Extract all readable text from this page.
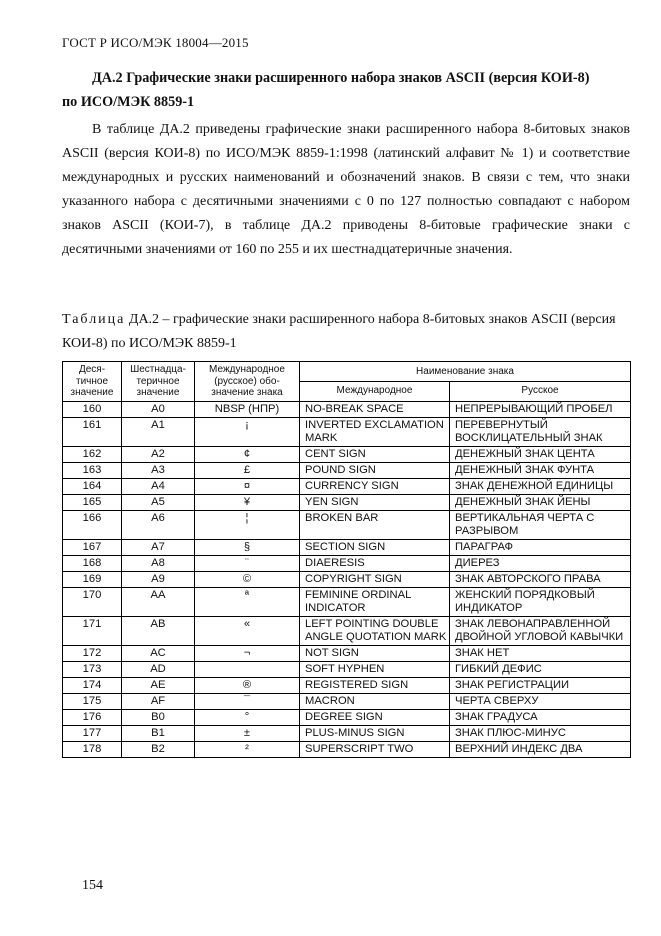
ГОСТ Р ИСО/МЭК 18004—2015
ДА.2 Графические знаки расширенного набора знаков ASCII (версия КОИ-8)
по ИСО/МЭК 8859-1
В таблице ДА.2 приведены графические знаки расширенного набора 8-битовых знаков ASCII (версия КОИ-8) по ИСО/МЭК 8859-1:1998 (латинский алфавит № 1) и соответствие международных и русских наименований и обозначений знаков. В связи с тем, что знаки указанного набора с десятичными значениями с 0 по 127 полностью совпадают с набором знаков ASCII (КОИ-7), в таблице ДА.2 приводены 8-битовые графические знаки с десятичными значениями от 160 по 255 и их шестнадцатеричные значения.
Таблица ДА.2 – графические знаки расширенного набора 8-битовых знаков ASCII (версия КОИ-8) по ИСО/МЭК 8859-1
Деся-тичное значение	Шестнадца-теричное значение	Международное (русское) обо-значение знака	Наименование знака	
			Международное	Русское
160	A0	NBSP (НПР)	NO-BREAK SPACE	НЕПРЕРЫВАЮЩИЙ ПРОБЕЛ
161	A1	¡	INVERTED EXCLAMATION MARK	ПЕРЕВЕРНУТЫЙ ВОСКЛИЦАТЕЛЬНЫЙ ЗНАК
162	A2	¢	CENT SIGN	ДЕНЕЖНЫЙ ЗНАК ЦЕНТА
163	A3	£	POUND SIGN	ДЕНЕЖНЫЙ ЗНАК ФУНТА
164	A4	¤	CURRENCY SIGN	ЗНАК ДЕНЕЖНОЙ ЕДИНИЦЫ
165	A5	¥	YEN SIGN	ДЕНЕЖНЫЙ ЗНАК ЙЕНЫ
166	A6	¦	BROKEN BAR	ВЕРТИКАЛЬНАЯ ЧЕРТА С РАЗРЫВОМ
167	A7	§	SECTION SIGN	ПАРАГРАФ
168	A8	¨	DIAERESIS	ДИЕРЕЗ
169	A9	©	COPYRIGHT SIGN	ЗНАК АВТОРСКОГО ПРАВА
170	AA	ª	FEMININE ORDINAL INDICATOR	ЖЕНСКИЙ ПОРЯДКОВЫЙ ИНДИКАТОР
171	AB	«	LEFT POINTING DOUBLE ANGLE QUOTATION MARK	ЗНАК ЛЕВОНАПРАВЛЕННОЙ ДВОЙНОЙ УГЛОВОЙ КАВЫЧКИ
172	AC	¬	NOT SIGN	ЗНАК НЕТ
173	AD		SOFT HYPHEN	ГИБКИЙ ДЕФИС
174	AE	®	REGISTERED SIGN	ЗНАК РЕГИСТРАЦИИ
175	AF	¯	MACRON	ЧЕРТА СВЕРХУ
176	B0	°	DEGREE SIGN	ЗНАК ГРАДУСА
177	B1	±	PLUS-MINUS SIGN	ЗНАК ПЛЮС-МИНУС
178	B2	²	SUPERSCRIPT TWO	ВЕРХНИЙ ИНДЕКС ДВА
154
